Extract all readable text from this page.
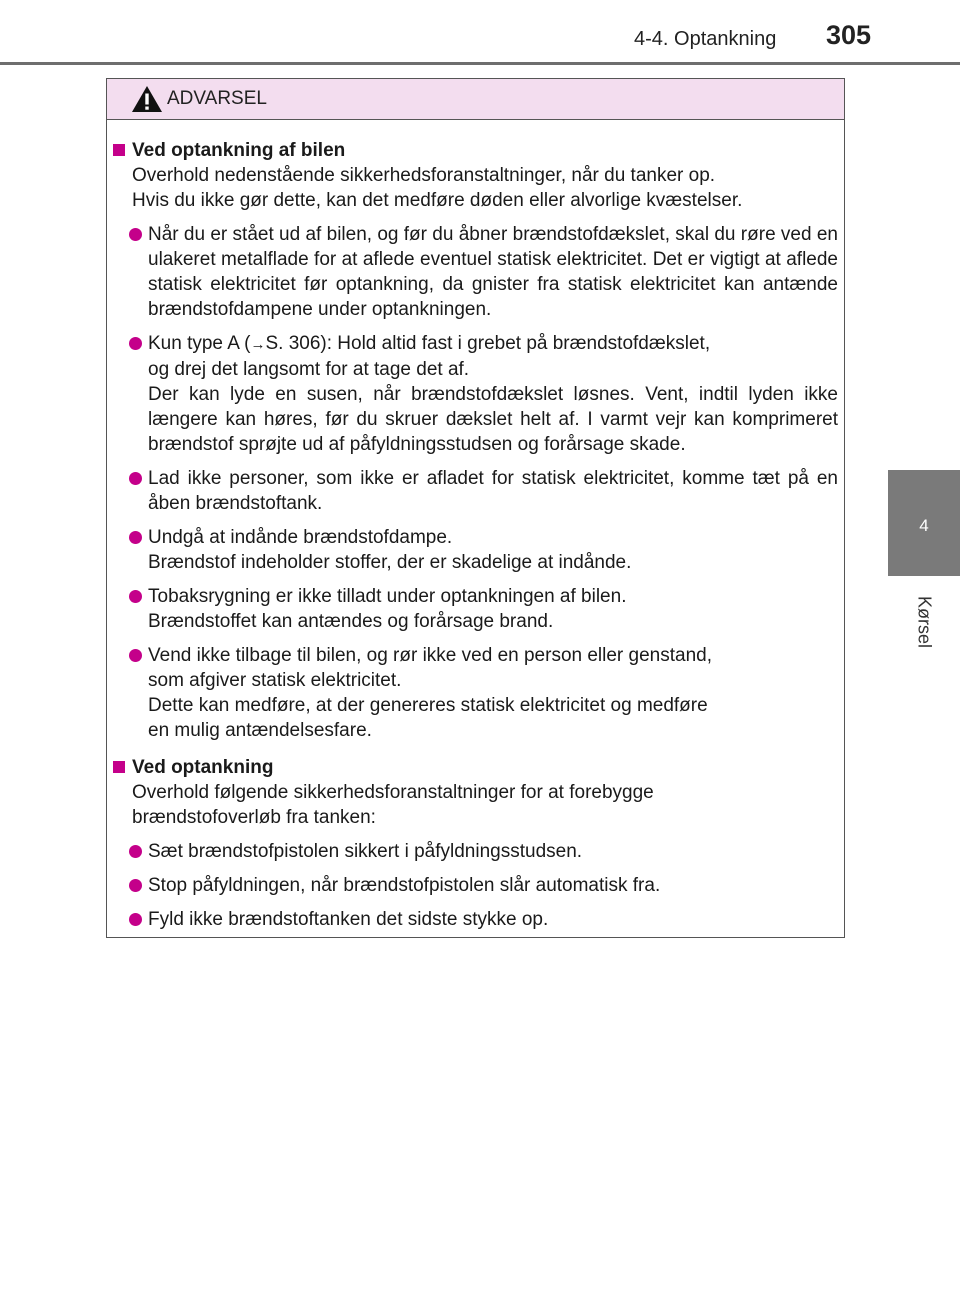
4-4. Optankning 305
4
Kørsel
ADVARSEL
Ved optankning af bilen
Overhold nedenstående sikkerhedsforanstaltninger, når du tanker op.
Hvis du ikke gør dette, kan det medføre døden eller alvorlige kvæstelser.
Når du er stået ud af bilen, og før du åbner brændstofdækslet, skal du røre ved en ulakeret metalflade for at aflede eventuel statisk elektricitet. Det er vigtigt at aflede statisk elektricitet før optankning, da gnister fra statisk elektricitet kan antænde brændstofdampene under optankningen.
Kun type A (→S. 306): Hold altid fast i grebet på brændstofdækslet,
og drej det langsomt for at tage det af.
Der kan lyde en susen, når brændstofdækslet løsnes. Vent, indtil lyden ikke længere kan høres, før du skruer dækslet helt af. I varmt vejr kan komprimeret brændstof sprøjte ud af påfyldningsstudsen og forårsage skade.
Lad ikke personer, som ikke er afladet for statisk elektricitet, komme tæt på en åben brændstoftank.
Undgå at indånde brændstofdampe.
Brændstof indeholder stoffer, der er skadelige at indånde.
Tobaksrygning er ikke tilladt under optankningen af bilen.
Brændstoffet kan antændes og forårsage brand.
Vend ikke tilbage til bilen, og rør ikke ved en person eller genstand,
som afgiver statisk elektricitet.
Dette kan medføre, at der genereres statisk elektricitet og medføre
en mulig antændelsesfare.
Ved optankning
Overhold følgende sikkerhedsforanstaltninger for at forebygge
brændstofoverløb fra tanken:
Sæt brændstofpistolen sikkert i påfyldningsstudsen.
Stop påfyldningen, når brændstofpistolen slår automatisk fra.
Fyld ikke brændstoftanken det sidste stykke op.
